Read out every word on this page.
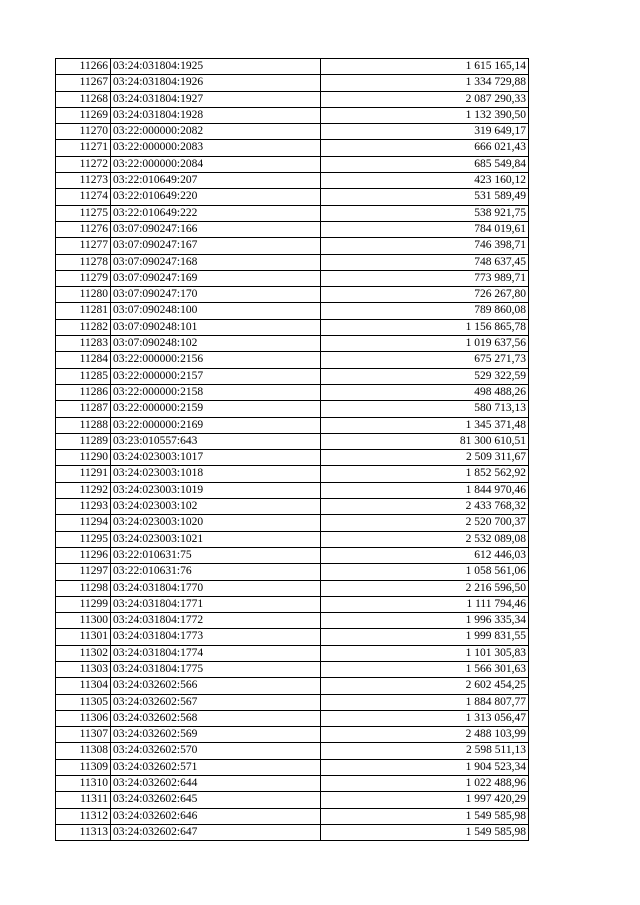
11266	03:24:031804:1925	1 615 165,14
11267	03:24:031804:1926	1 334 729,88
11268	03:24:031804:1927	2 087 290,33
11269	03:24:031804:1928	1 132 390,50
11270	03:22:000000:2082	319 649,17
11271	03:22:000000:2083	666 021,43
11272	03:22:000000:2084	685 549,84
11273	03:22:010649:207	423 160,12
11274	03:22:010649:220	531 589,49
11275	03:22:010649:222	538 921,75
11276	03:07:090247:166	784 019,61
11277	03:07:090247:167	746 398,71
11278	03:07:090247:168	748 637,45
11279	03:07:090247:169	773 989,71
11280	03:07:090247:170	726 267,80
11281	03:07:090248:100	789 860,08
11282	03:07:090248:101	1 156 865,78
11283	03:07:090248:102	1 019 637,56
11284	03:22:000000:2156	675 271,73
11285	03:22:000000:2157	529 322,59
11286	03:22:000000:2158	498 488,26
11287	03:22:000000:2159	580 713,13
11288	03:22:000000:2169	1 345 371,48
11289	03:23:010557:643	81 300 610,51
11290	03:24:023003:1017	2 509 311,67
11291	03:24:023003:1018	1 852 562,92
11292	03:24:023003:1019	1 844 970,46
11293	03:24:023003:102	2 433 768,32
11294	03:24:023003:1020	2 520 700,37
11295	03:24:023003:1021	2 532 089,08
11296	03:22:010631:75	612 446,03
11297	03:22:010631:76	1 058 561,06
11298	03:24:031804:1770	2 216 596,50
11299	03:24:031804:1771	1 111 794,46
11300	03:24:031804:1772	1 996 335,34
11301	03:24:031804:1773	1 999 831,55
11302	03:24:031804:1774	1 101 305,83
11303	03:24:031804:1775	1 566 301,63
11304	03:24:032602:566	2 602 454,25
11305	03:24:032602:567	1 884 807,77
11306	03:24:032602:568	1 313 056,47
11307	03:24:032602:569	2 488 103,99
11308	03:24:032602:570	2 598 511,13
11309	03:24:032602:571	1 904 523,34
11310	03:24:032602:644	1 022 488,96
11311	03:24:032602:645	1 997 420,29
11312	03:24:032602:646	1 549 585,98
11313	03:24:032602:647	1 549 585,98
